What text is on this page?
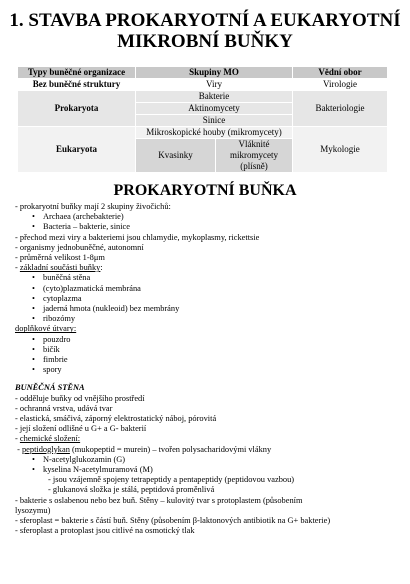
1. STAVBA PROKARYOTNÍ A EUKARYOTNÍ
MIKROBNÍ BUŇKY
Typy buněčné organizace	Skupiny MO		Vědní obor
Bez buněčné struktury	Viry		Virologie
Prokaryota	Bakterie		Bakteriologie
	Aktinomycety		
	Sinice		
Eukaryota	Mikroskopické houby (mikromycety)		Mykologie
	Kvasinky	Vláknité mikromycety (plísně)	
PROKARYOTNÍ BUŇKA
- prokaryotní buňky mají 2 skupiny živočichů:
• Archaea (archebakterie)
• Bacteria – bakterie, sinice
- přechod mezi viry a bakteriemi jsou chlamydie, mykoplasmy, rickettsie
- organismy jednobuněčné, autonomní
- průměrná velikost 1-8μm
- základní součásti buňky:
• buněčná stěna
• (cyto)plazmatická membrána
• cytoplazma
• jaderná hmota (nukleoid) bez membrány
• ribozómy
doplňkové útvary:
• pouzdro
• bičík
• fimbrie
• spory
BUNĚČNÁ STĚNA
- odděluje buňky od vnějšího prostředí
- ochranná vrstva, udává tvar
- elastická, smáčivá, záporný elektrostatický náboj, pórovitá
- její složení odlišné u G+ a G- bakterií
- chemické složení:
- peptidoglykan (mukopeptid = murein) – tvořen polysacharidovými vlákny
• N-acetylglukozamin (G)
• kyselina N-acetylmuramová (M)
- jsou vzájemně spojeny tetrapeptidy a pentapeptidy (peptidovou vazbou)
- glukanová složka je stálá, peptidová proměnlivá
- bakterie s oslabenou nebo bez buň. Stěny – kulovitý tvar s protoplastem (působením
lysozymu)
- sferoplast = bakterie s částí buň. Stěny (působením β-laktonových antibiotik na G+ bakterie)
- sferoplast a protoplast jsou citlivé na osmotický tlak
